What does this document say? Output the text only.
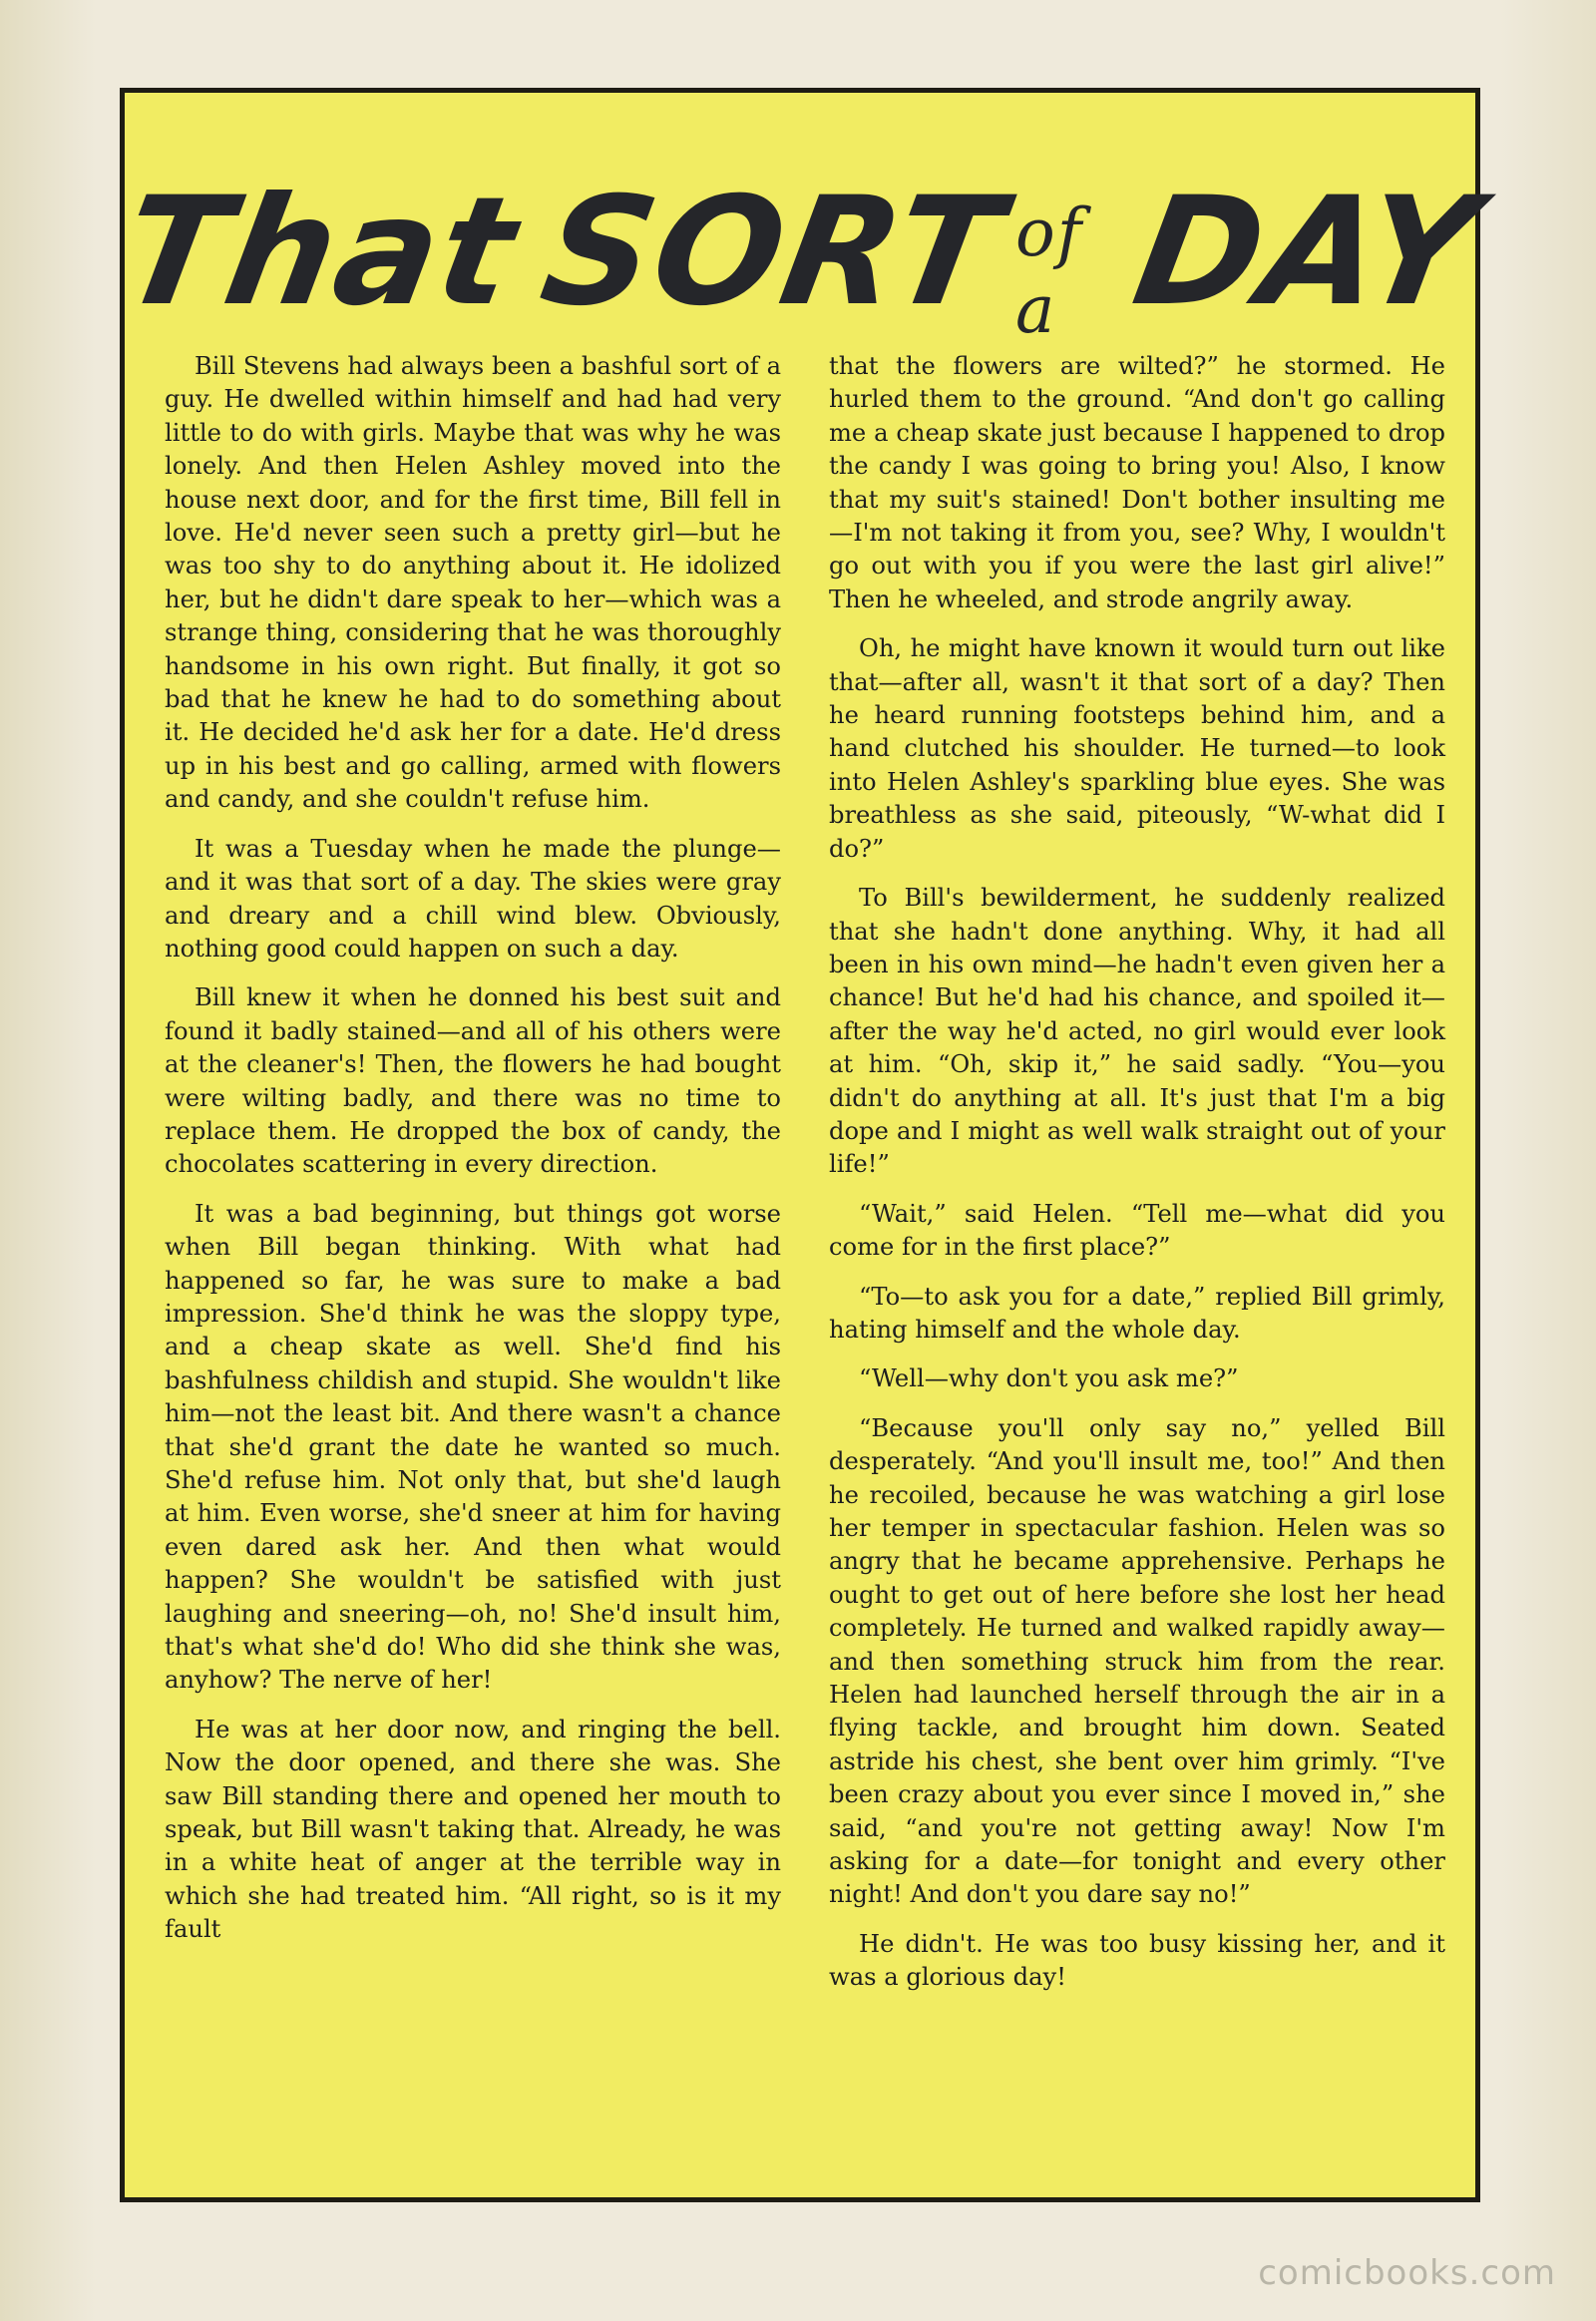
That SORT of a DAY

Bill Stevens had always been a bashful sort of a guy. He dwelled within himself and had had very little to do with girls. Maybe that was why he was lonely. And then Helen Ashley moved into the house next door, and for the first time, Bill fell in love. He'd never seen such a pretty girl—but he was too shy to do anything about it. He idolized her, but he didn't dare speak to her—which was a strange thing, considering that he was thoroughly handsome in his own right. But finally, it got so bad that he knew he had to do something about it. He decided he'd ask her for a date. He'd dress up in his best and go calling, armed with flowers and candy, and she couldn't refuse him.

It was a Tuesday when he made the plunge—and it was that sort of a day. The skies were gray and dreary and a chill wind blew. Obviously, nothing good could happen on such a day.

Bill knew it when he donned his best suit and found it badly stained—and all of his others were at the cleaner's! Then, the flowers he had bought were wilting badly, and there was no time to replace them. He dropped the box of candy, the chocolates scattering in every direction.

It was a bad beginning, but things got worse when Bill began thinking. With what had happened so far, he was sure to make a bad impression. She'd think he was the sloppy type, and a cheap skate as well. She'd find his bashfulness childish and stupid. She wouldn't like him—not the least bit. And there wasn't a chance that she'd grant the date he wanted so much. She'd refuse him. Not only that, but she'd laugh at him. Even worse, she'd sneer at him for having even dared ask her. And then what would happen? She wouldn't be satisfied with just laughing and sneering—oh, no! She'd insult him, that's what she'd do! Who did she think she was, anyhow? The nerve of her!

He was at her door now, and ringing the bell. Now the door opened, and there she was. She saw Bill standing there and opened her mouth to speak, but Bill wasn't taking that. Already, he was in a white heat of anger at the terrible way in which she had treated him. “All right, so is it my fault

that the flowers are wilted?” he stormed. He hurled them to the ground. “And don't go calling me a cheap skate just because I happened to drop the candy I was going to bring you! Also, I know that my suit's stained! Don't bother insulting me—I'm not taking it from you, see? Why, I wouldn't go out with you if you were the last girl alive!” Then he wheeled, and strode angrily away.

Oh, he might have known it would turn out like that—after all, wasn't it that sort of a day? Then he heard running footsteps behind him, and a hand clutched his shoulder. He turned—to look into Helen Ashley's sparkling blue eyes. She was breathless as she said, piteously, “W-what did I do?”

To Bill's bewilderment, he suddenly realized that she hadn't done anything. Why, it had all been in his own mind—he hadn't even given her a chance! But he'd had his chance, and spoiled it—after the way he'd acted, no girl would ever look at him. “Oh, skip it,” he said sadly. “You—you didn't do anything at all. It's just that I'm a big dope and I might as well walk straight out of your life!”

“Wait,” said Helen. “Tell me—what did you come for in the first place?”

“To—to ask you for a date,” replied Bill grimly, hating himself and the whole day.

“Well—why don't you ask me?”

“Because you'll only say no,” yelled Bill desperately. “And you'll insult me, too!” And then he recoiled, because he was watching a girl lose her temper in spectacular fashion. Helen was so angry that he became apprehensive. Perhaps he ought to get out of here before she lost her head completely. He turned and walked rapidly away—and then something struck him from the rear. Helen had launched herself through the air in a flying tackle, and brought him down. Seated astride his chest, she bent over him grimly. “I've been crazy about you ever since I moved in,” she said, “and you're not getting away! Now I'm asking for a date—for tonight and every other night! And don't you dare say no!”

He didn't. He was too busy kissing her, and it was a glorious day!

comicbooks.com
